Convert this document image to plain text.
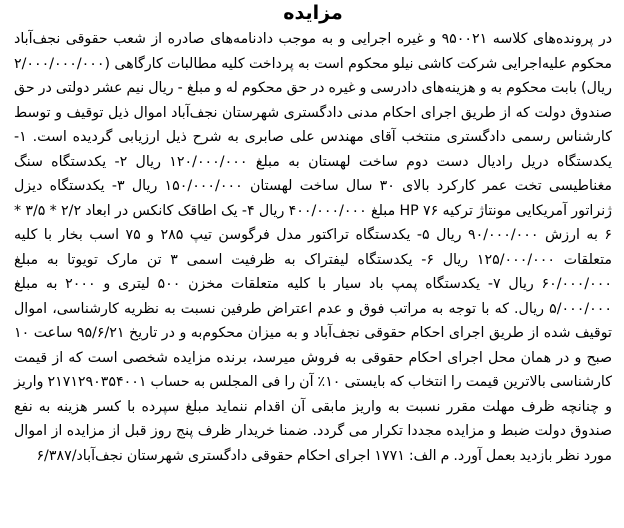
مزایده

در پرونده‌های کلاسه ۹۵۰۰۲۱ و غیره اجرایی و به موجب دادنامه‌های صادره از شعب حقوقی نجف‌آباد محکوم علیه‌اجرایی شرکت کاشی نیلو محکوم است به پرداخت کلیه مطالبات کارگاهی (۲/۰۰۰/۰۰۰/۰۰۰ ریال) بابت محکوم به و هزینه‌های دادرسی و غیره در حق محکوم له و مبلغ - ریال نیم عشر دولتی در حق صندوق دولت که از طریق اجرای احکام مدنی دادگستری شهرستان نجف‌آباد اموال ذیل توقیف و توسط کارشناس رسمی دادگستری منتخب آقای مهندس علی صابری به شرح ذیل ارزیابی گردیده است. ۱- یکدستگاه دریل رادیال دست دوم ساخت لهستان به مبلغ ۱۲۰/۰۰۰/۰۰۰ ریال ۲- یکدستگاه سنگ مغناطیسی تخت عمر کارکرد بالای ۳۰ سال ساخت لهستان ۱۵۰/۰۰۰/۰۰۰ ریال ۳- یکدستگاه دیزل ژنراتور آمریکایی مونتاژ ترکیه HP ۷۶ مبلغ ۴۰۰/۰۰۰/۰۰۰ ریال ۴- یک اطاقک کانکس در ابعاد ۲/۲ * ۳/۵ * ۶ به ارزش ۹۰/۰۰۰/۰۰۰ ریال ۵- یکدستگاه تراکتور مدل فرگوسن تیپ ۲۸۵ و ۷۵ اسب بخار با کلیه متعلقات ۱۲۵/۰۰۰/۰۰۰ ریال ۶- یکدستگاه لیفتراک به ظرفیت اسمی ۳ تن مارک تویوتا به مبلغ ۶۰/۰۰۰/۰۰۰ ریال ۷- یکدستگاه پمپ باد سیار با کلیه متعلقات مخزن ۵۰۰ لیتری و ۲۰۰۰ به مبلغ ۵/۰۰۰/۰۰۰ ریال. که با توجه به مراتب فوق و عدم اعتراض طرفین نسبت به نظریه کارشناسی، اموال توقیف شده از طریق اجرای احکام حقوقی نجف‌آباد و به میزان محکوم‌به و در تاریخ ۹۵/۶/۲۱ ساعت ۱۰ صبح و در همان محل اجرای احکام حقوقی به فروش میرسد، برنده مزایده شخصی است که از قیمت کارشناسی بالاترین قیمت را انتخاب که بایستی ۱۰٪ آن را فی المجلس به حساب ۲۱۷۱۲۹۰۳۵۴۰۰۱ واریز و چنانچه ظرف مهلت مقرر نسبت به واریز مابقی آن اقدام ننماید مبلغ سپرده با کسر هزینه به نفع صندوق دولت ضبط و مزایده مجددا تکرار می گردد. ضمنا خریدار ظرف پنج روز قبل از مزایده از اموال مورد نظر بازدید بعمل آورد. م الف: ۱۷۷۱ اجرای احکام حقوقی دادگستری شهرستان نجف‌آباد/۶/۳۸۷
